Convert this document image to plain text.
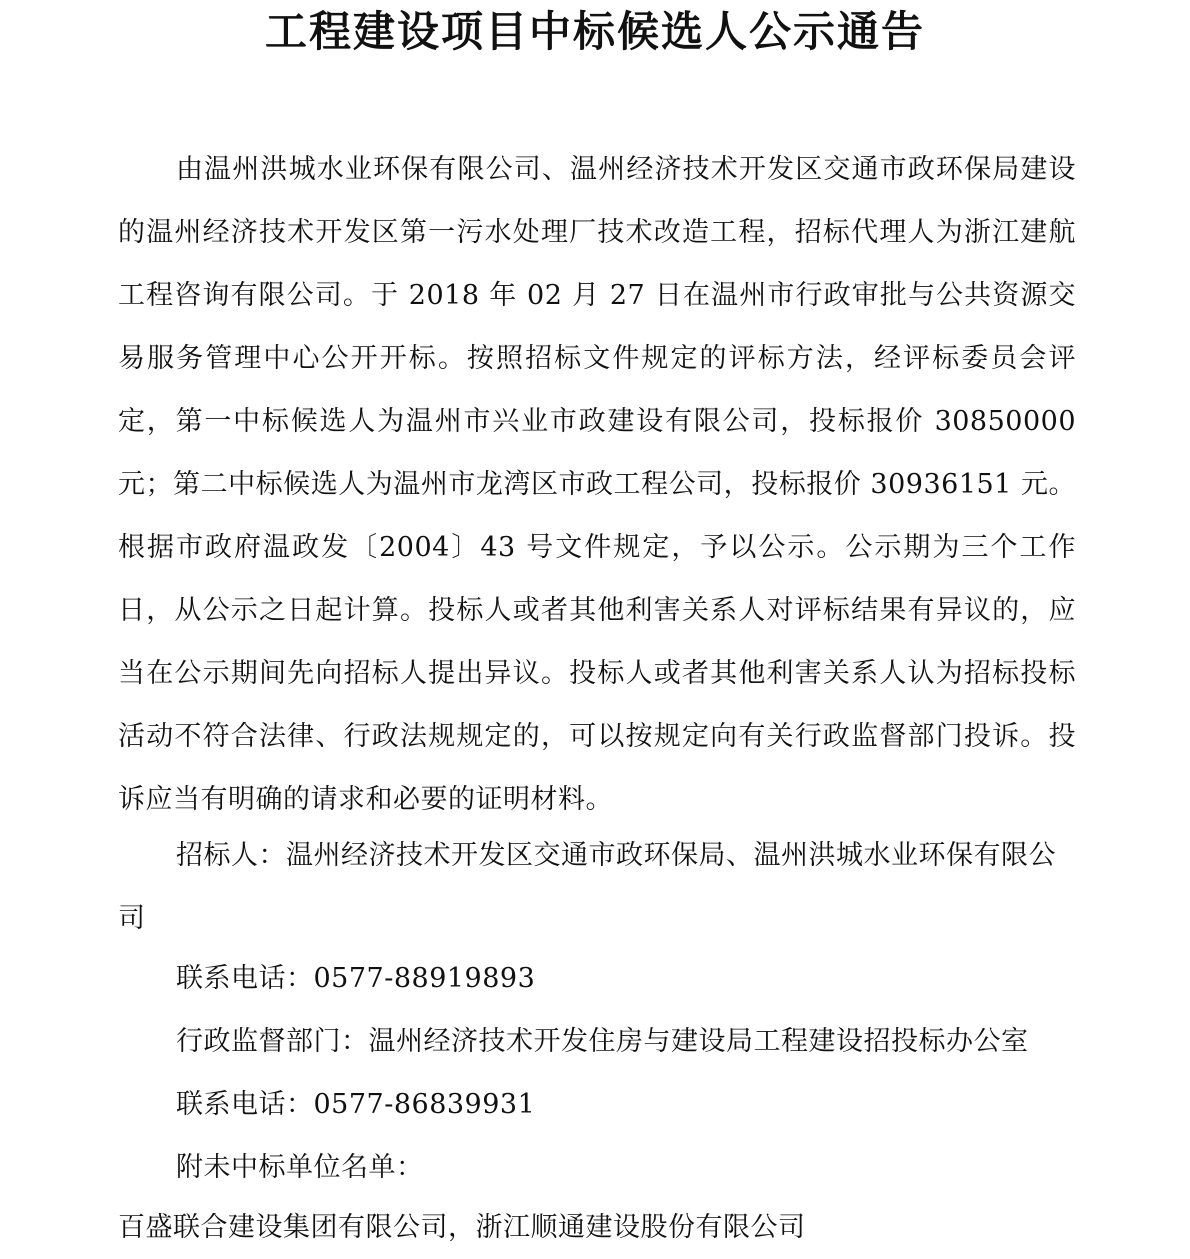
工程建设项目中标候选人公示通告

由温州洪城水业环保有限公司、温州经济技术开发区交通市政环保局建设的温州经济技术开发区第一污水处理厂技术改造工程，招标代理人为浙江建航工程咨询有限公司。于 2018 年 02 月 27 日在温州市行政审批与公共资源交易服务管理中心公开开标。按照招标文件规定的评标方法，经评标委员会评定，第一中标候选人为温州市兴业市政建设有限公司，投标报价 30850000 元；第二中标候选人为温州市龙湾区市政工程公司，投标报价 30936151 元。根据市政府温政发〔2004〕43 号文件规定，予以公示。公示期为三个工作日，从公示之日起计算。投标人或者其他利害关系人对评标结果有异议的，应当在公示期间先向招标人提出异议。投标人或者其他利害关系人认为招标投标活动不符合法律、行政法规规定的，可以按规定向有关行政监督部门投诉。投诉应当有明确的请求和必要的证明材料。

招标人：温州经济技术开发区交通市政环保局、温州洪城水业环保有限公司

联系电话：0577-88919893

行政监督部门：温州经济技术开发住房与建设局工程建设招投标办公室

联系电话：0577-86839931

附未中标单位名单：

百盛联合建设集团有限公司，浙江顺通建设股份有限公司
